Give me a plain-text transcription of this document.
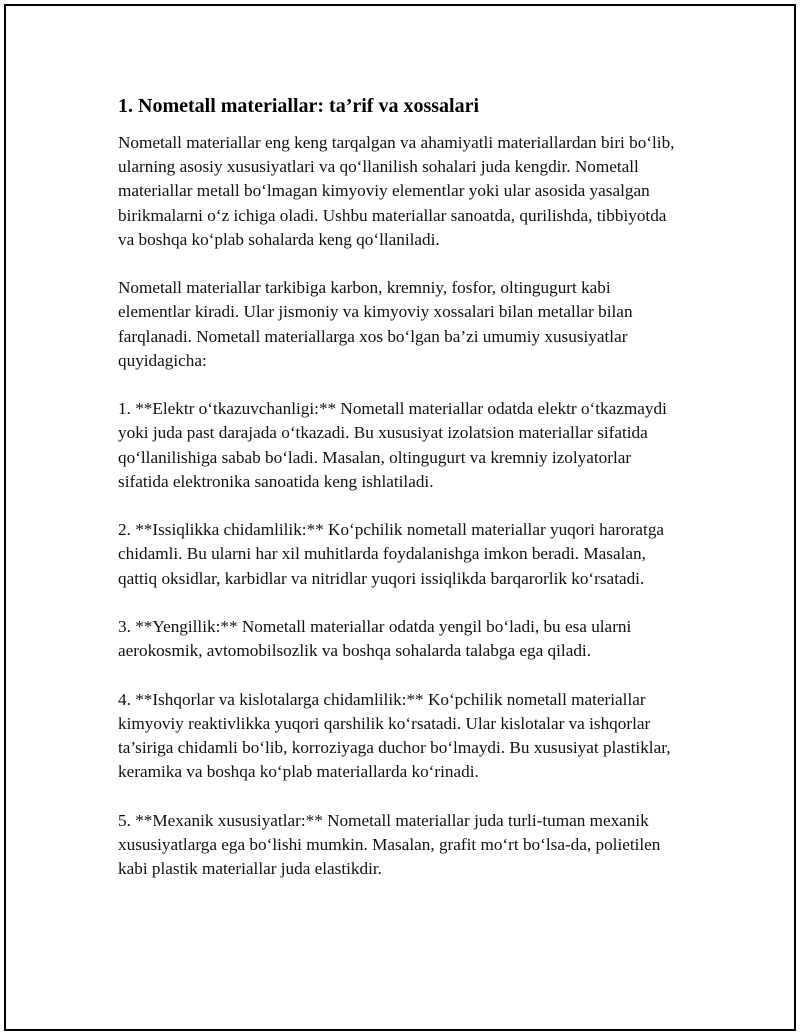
1. Nometall materiallar: ta’rif va xossalari

Nometall materiallar eng keng tarqalgan va ahamiyatli materiallardan biri bo‘lib, ularning asosiy xususiyatlari va qo‘llanilish sohalari juda kengdir. Nometall materiallar metall bo‘lmagan kimyoviy elementlar yoki ular asosida yasalgan birikmalarni o‘z ichiga oladi. Ushbu materiallar sanoatda, qurilishda, tibbiyotda va boshqa ko‘plab sohalarda keng qo‘llaniladi.

Nometall materiallar tarkibiga karbon, kremniy, fosfor, oltingugurt kabi elementlar kiradi. Ular jismoniy va kimyoviy xossalari bilan metallar bilan farqlanadi. Nometall materiallarga xos bo‘lgan ba’zi umumiy xususiyatlar quyidagicha:

1. **Elektr o‘tkazuvchanligi:** Nometall materiallar odatda elektr o‘tkazmaydi yoki juda past darajada o‘tkazadi. Bu xususiyat izolatsion materiallar sifatida qo‘llanilishiga sabab bo‘ladi. Masalan, oltingugurt va kremniy izolyatorlar sifatida elektronika sanoatida keng ishlatiladi.

2. **Issiqlikka chidamlilik:** Ko‘pchilik nometall materiallar yuqori haroratga chidamli. Bu ularni har xil muhitlarda foydalanishga imkon beradi. Masalan, qattiq oksidlar, karbidlar va nitridlar yuqori issiqlikda barqarorlik ko‘rsatadi.

3. **Yengillik:** Nometall materiallar odatda yengil bo‘ladi, bu esa ularni aerokosmik, avtomobilsozlik va boshqa sohalarda talabga ega qiladi.

4. **Ishqorlar va kislotalarga chidamlilik:** Ko‘pchilik nometall materiallar kimyoviy reaktivlikka yuqori qarshilik ko‘rsatadi. Ular kislotalar va ishqorlar ta’siriga chidamli bo‘lib, korroziyaga duchor bo‘lmaydi. Bu xususiyat plastiklar, keramika va boshqa ko‘plab materiallarda ko‘rinadi.

5. **Mexanik xususiyatlar:** Nometall materiallar juda turli-tuman mexanik xususiyatlarga ega bo‘lishi mumkin. Masalan, grafit mo‘rt bo‘lsa-da, polietilen kabi plastik materiallar juda elastikdir.
